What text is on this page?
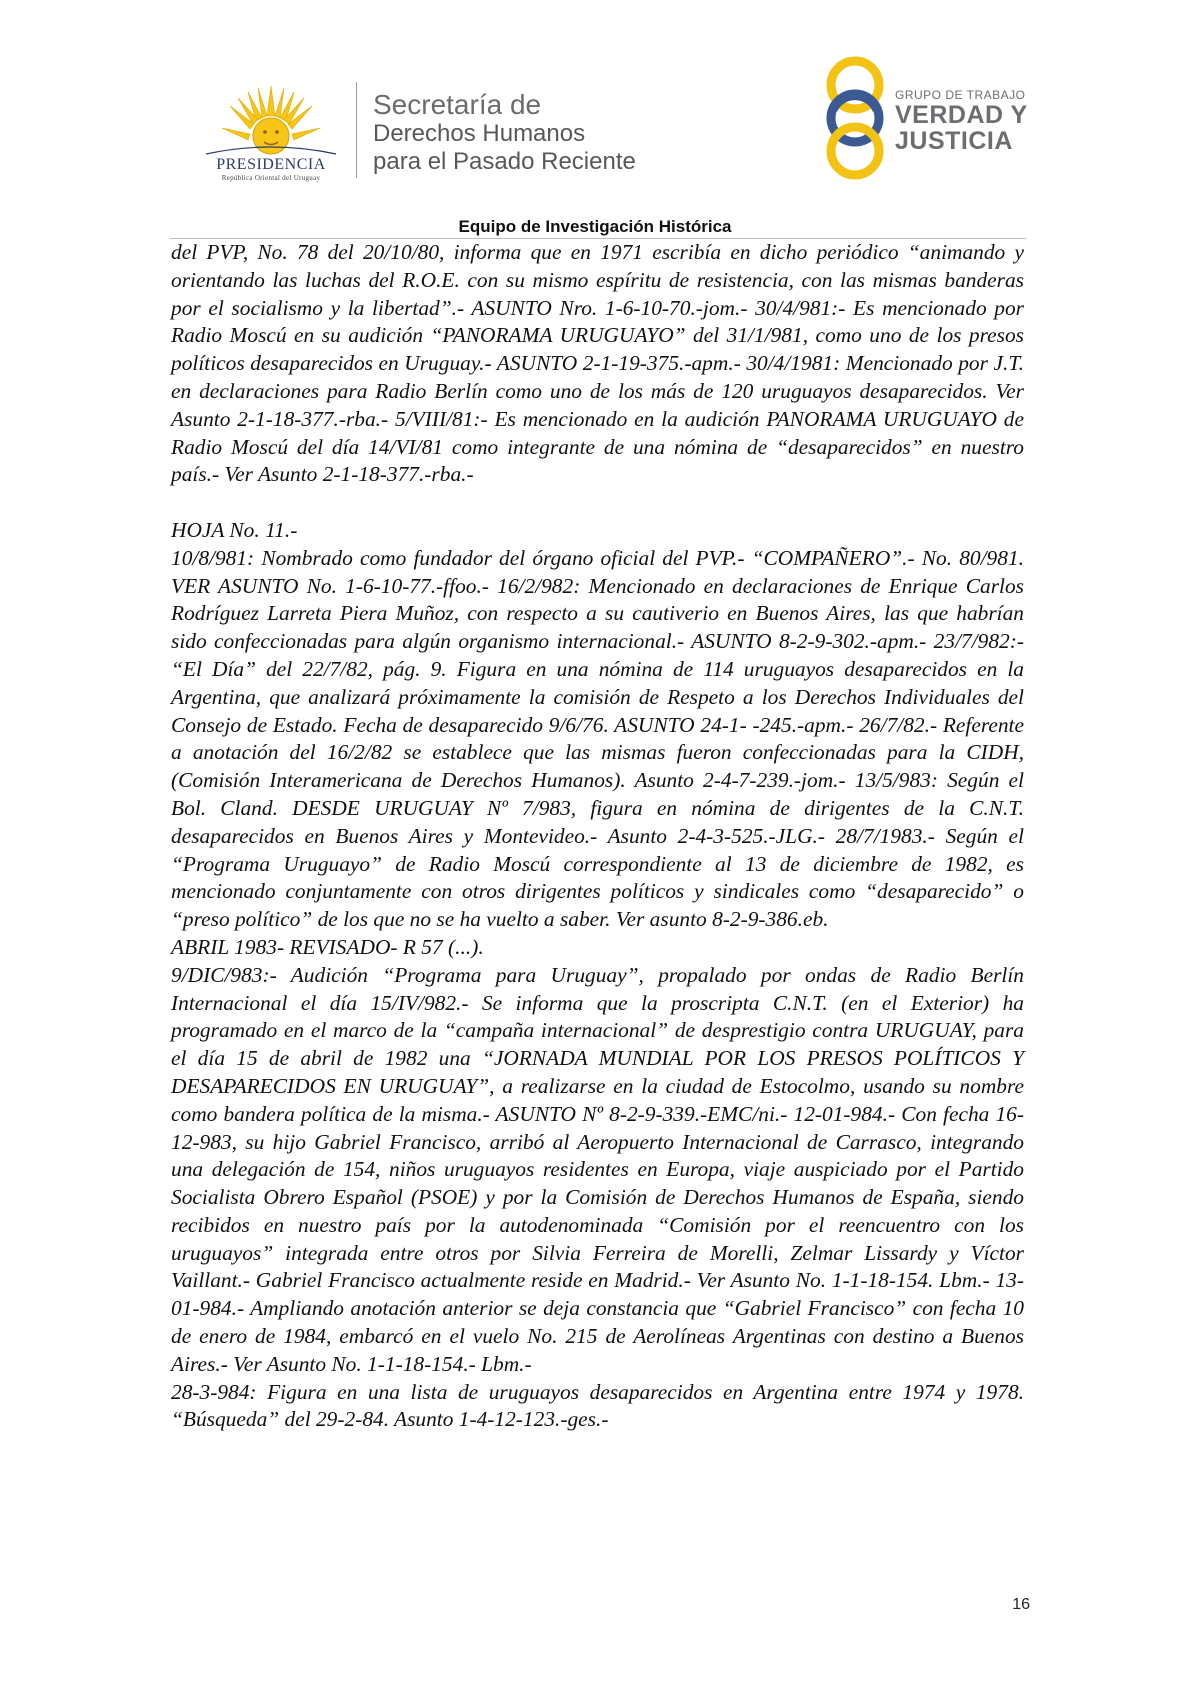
PRESIDENCIA
República Oriental del Uruguay
Secretaría de
Derechos Humanos
para el Pasado Reciente
GRUPO DE TRABAJO
VERDAD Y
JUSTICIA
Equipo de Investigación Histórica

del PVP, No. 78 del 20/10/80, informa que en 1971 escribía en dicho periódico “animando y orientando las luchas del R.O.E. con su mismo espíritu de resistencia, con las mismas banderas por el socialismo y la libertad”.- ASUNTO Nro. 1-6-10-70.-jom.- 30/4/981:- Es mencionado por Radio Moscú en su audición “PANORAMA URUGUAYO” del 31/1/981, como uno de los presos políticos desaparecidos en Uruguay.- ASUNTO 2-1-19-375.-apm.- 30/4/1981: Mencionado por J.T. en declaraciones para Radio Berlín como uno de los más de 120 uruguayos desaparecidos. Ver Asunto 2-1-18-377.-rba.- 5/VIII/81:- Es mencionado en la audición PANORAMA URUGUAYO de Radio Moscú del día 14/VI/81 como integrante de una nómina de “desaparecidos” en nuestro país.- Ver Asunto 2-1-18-377.-rba.-

HOJA No. 11.-

10/8/981: Nombrado como fundador del órgano oficial del PVP.- “COMPAÑERO”.- No. 80/981. VER ASUNTO No. 1-6-10-77.-ffoo.- 16/2/982: Mencionado en declaraciones de Enrique Carlos Rodríguez Larreta Piera Muñoz, con respecto a su cautiverio en Buenos Aires, las que habrían sido confeccionadas para algún organismo internacional.- ASUNTO 8-2-9-302.-apm.- 23/7/982:- “El Día” del 22/7/82, pág. 9. Figura en una nómina de 114 uruguayos desaparecidos en la Argentina, que analizará próximamente la comisión de Respeto a los Derechos Individuales del Consejo de Estado. Fecha de desaparecido 9/6/76. ASUNTO 24-1- -245.-apm.- 26/7/82.- Referente a anotación del 16/2/82 se establece que las mismas fueron confeccionadas para la CIDH, (Comisión Interamericana de Derechos Humanos). Asunto 2-4-7-239.-jom.- 13/5/983: Según el Bol. Cland. DESDE URUGUAY Nº 7/983, figura en nómina de dirigentes de la C.N.T. desaparecidos en Buenos Aires y Montevideo.- Asunto 2-4-3-525.-JLG.- 28/7/1983.- Según el “Programa Uruguayo” de Radio Moscú correspondiente al 13 de diciembre de 1982, es mencionado conjuntamente con otros dirigentes políticos y sindicales como “desaparecido” o “preso político” de los que no se ha vuelto a saber. Ver asunto 8-2-9-386.eb.

ABRIL 1983- REVISADO- R 57 (...).

9/DIC/983:- Audición “Programa para Uruguay”, propalado por ondas de Radio Berlín Internacional el día 15/IV/982.- Se informa que la proscripta C.N.T. (en el Exterior) ha programado en el marco de la “campaña internacional” de desprestigio contra URUGUAY, para el día 15 de abril de 1982 una “JORNADA MUNDIAL POR LOS PRESOS POLÍTICOS Y DESAPARECIDOS EN URUGUAY”, a realizarse en la ciudad de Estocolmo, usando su nombre como bandera política de la misma.- ASUNTO Nº 8-2-9-339.-EMC/ni.- 12-01-984.- Con fecha 16-12-983, su hijo Gabriel Francisco, arribó al Aeropuerto Internacional de Carrasco, integrando una delegación de 154, niños uruguayos residentes en Europa, viaje auspiciado por el Partido Socialista Obrero Español (PSOE) y por la Comisión de Derechos Humanos de España, siendo recibidos en nuestro país por la autodenominada “Comisión por el reencuentro con los uruguayos” integrada entre otros por Silvia Ferreira de Morelli, Zelmar Lissardy y Víctor Vaillant.- Gabriel Francisco actualmente reside en Madrid.- Ver Asunto No. 1-1-18-154. Lbm.- 13-01-984.- Ampliando anotación anterior se deja constancia que “Gabriel Francisco” con fecha 10 de enero de 1984, embarcó en el vuelo No. 215 de Aerolíneas Argentinas con destino a Buenos Aires.- Ver Asunto No. 1-1-18-154.- Lbm.-

28-3-984: Figura en una lista de uruguayos desaparecidos en Argentina entre 1974 y 1978. “Búsqueda” del 29-2-84. Asunto 1-4-12-123.-ges.-

16
